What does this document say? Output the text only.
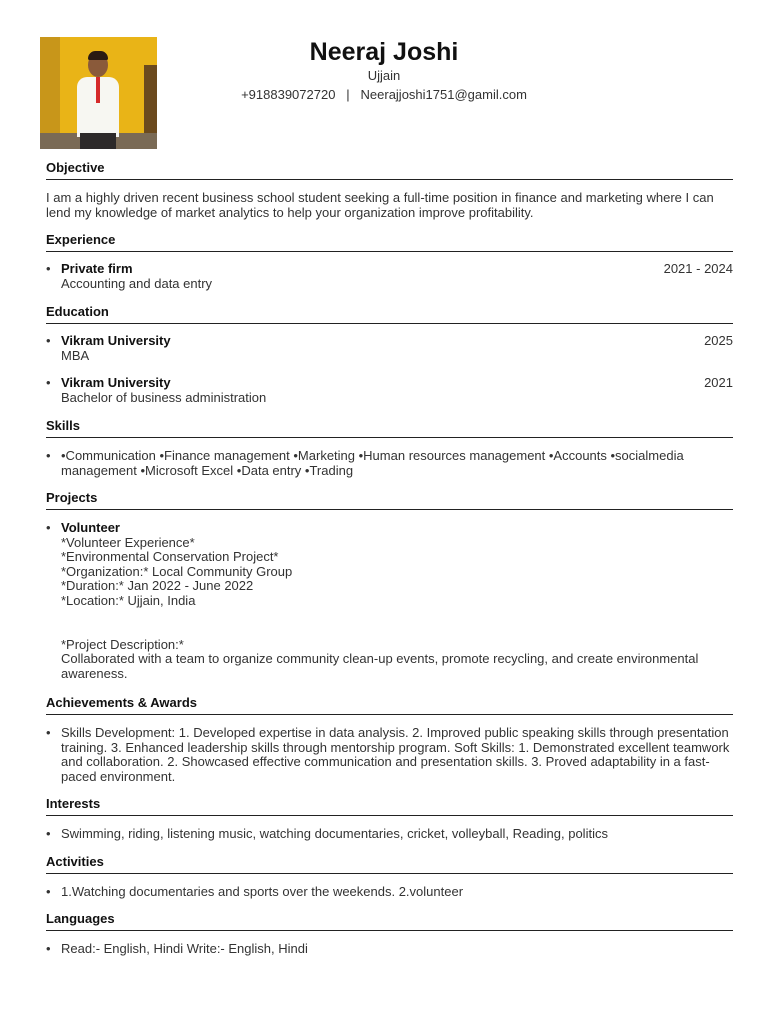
Neeraj Joshi
Ujjain
+918839072720 | Neerajjoshi1751@gamil.com
Objective
I am a highly driven recent business school student seeking a full-time position in finance and marketing where I can lend my knowledge of market analytics to help your organization improve profitability.
Experience
• Private firm
Accounting and data entry
2021 - 2024
Education
• Vikram University
MBA
2025
• Vikram University
Bachelor of business administration
2021
Skills
• •Communication •Finance management •Marketing •Human resources management •Accounts •socialmedia management •Microsoft Excel •Data entry •Trading
Projects
• Volunteer
*Volunteer Experience*
*Environmental Conservation Project*
*Organization:* Local Community Group
*Duration:* Jan 2022 - June 2022
*Location:* Ujjain, India

*Project Description:*
Collaborated with a team to organize community clean-up events, promote recycling, and create environmental awareness.
Achievements & Awards
• Skills Development: 1. Developed expertise in data analysis. 2. Improved public speaking skills through presentation training. 3. Enhanced leadership skills through mentorship program. Soft Skills: 1. Demonstrated excellent teamwork and collaboration. 2. Showcased effective communication and presentation skills. 3. Proved adaptability in a fast-paced environment.
Interests
• Swimming, riding, listening music, watching documentaries, cricket, volleyball, Reading, politics
Activities
• 1.Watching documentaries and sports over the weekends. 2.volunteer
Languages
• Read:- English, Hindi Write:- English, Hindi
